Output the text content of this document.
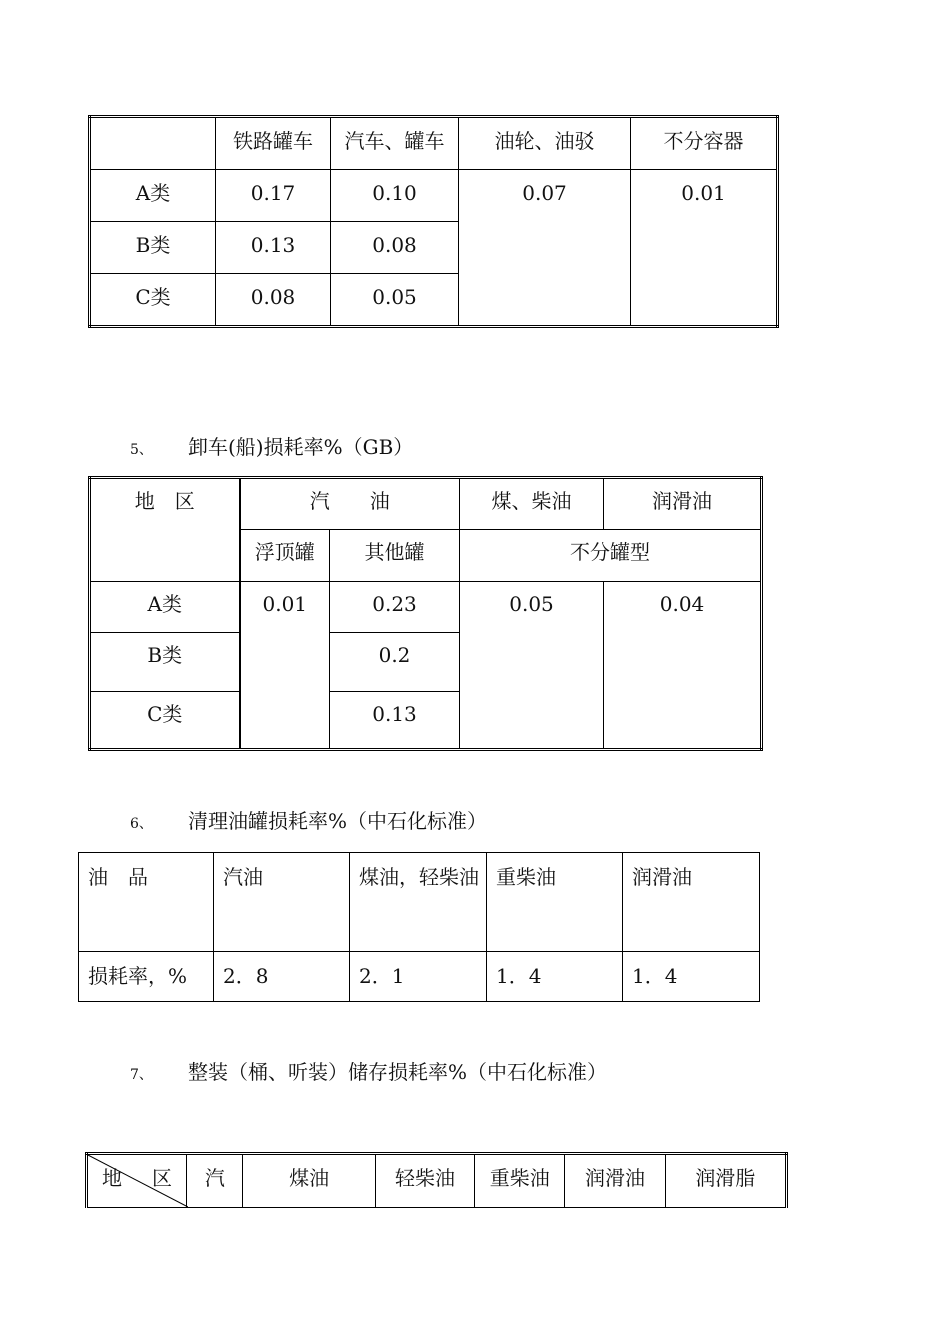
	铁路罐车	汽车、罐车	油轮、油驳	不分容器
A类	0.17	0.10	0.07	0.01
B类	0.13	0.08		
C类	0.08	0.05		
5、 卸车(船)损耗率%（GB）
地　区	汽　　油		煤、柴油	润滑油
	浮顶罐	其他罐	不分罐型	
A类	0.01	0.23	0.05	0.04
B类		0.2		
C类		0.13		
6、 清理油罐损耗率%（中石化标准）
油　品	汽油	煤油，轻柴油	重柴油	润滑油
损耗率，%	2．8	2．1	1．4	1．4
7、 整装（桶、听装）储存损耗率%（中石化标准）
地 区	汽	煤油	轻柴油	重柴油	润滑油	润滑脂
